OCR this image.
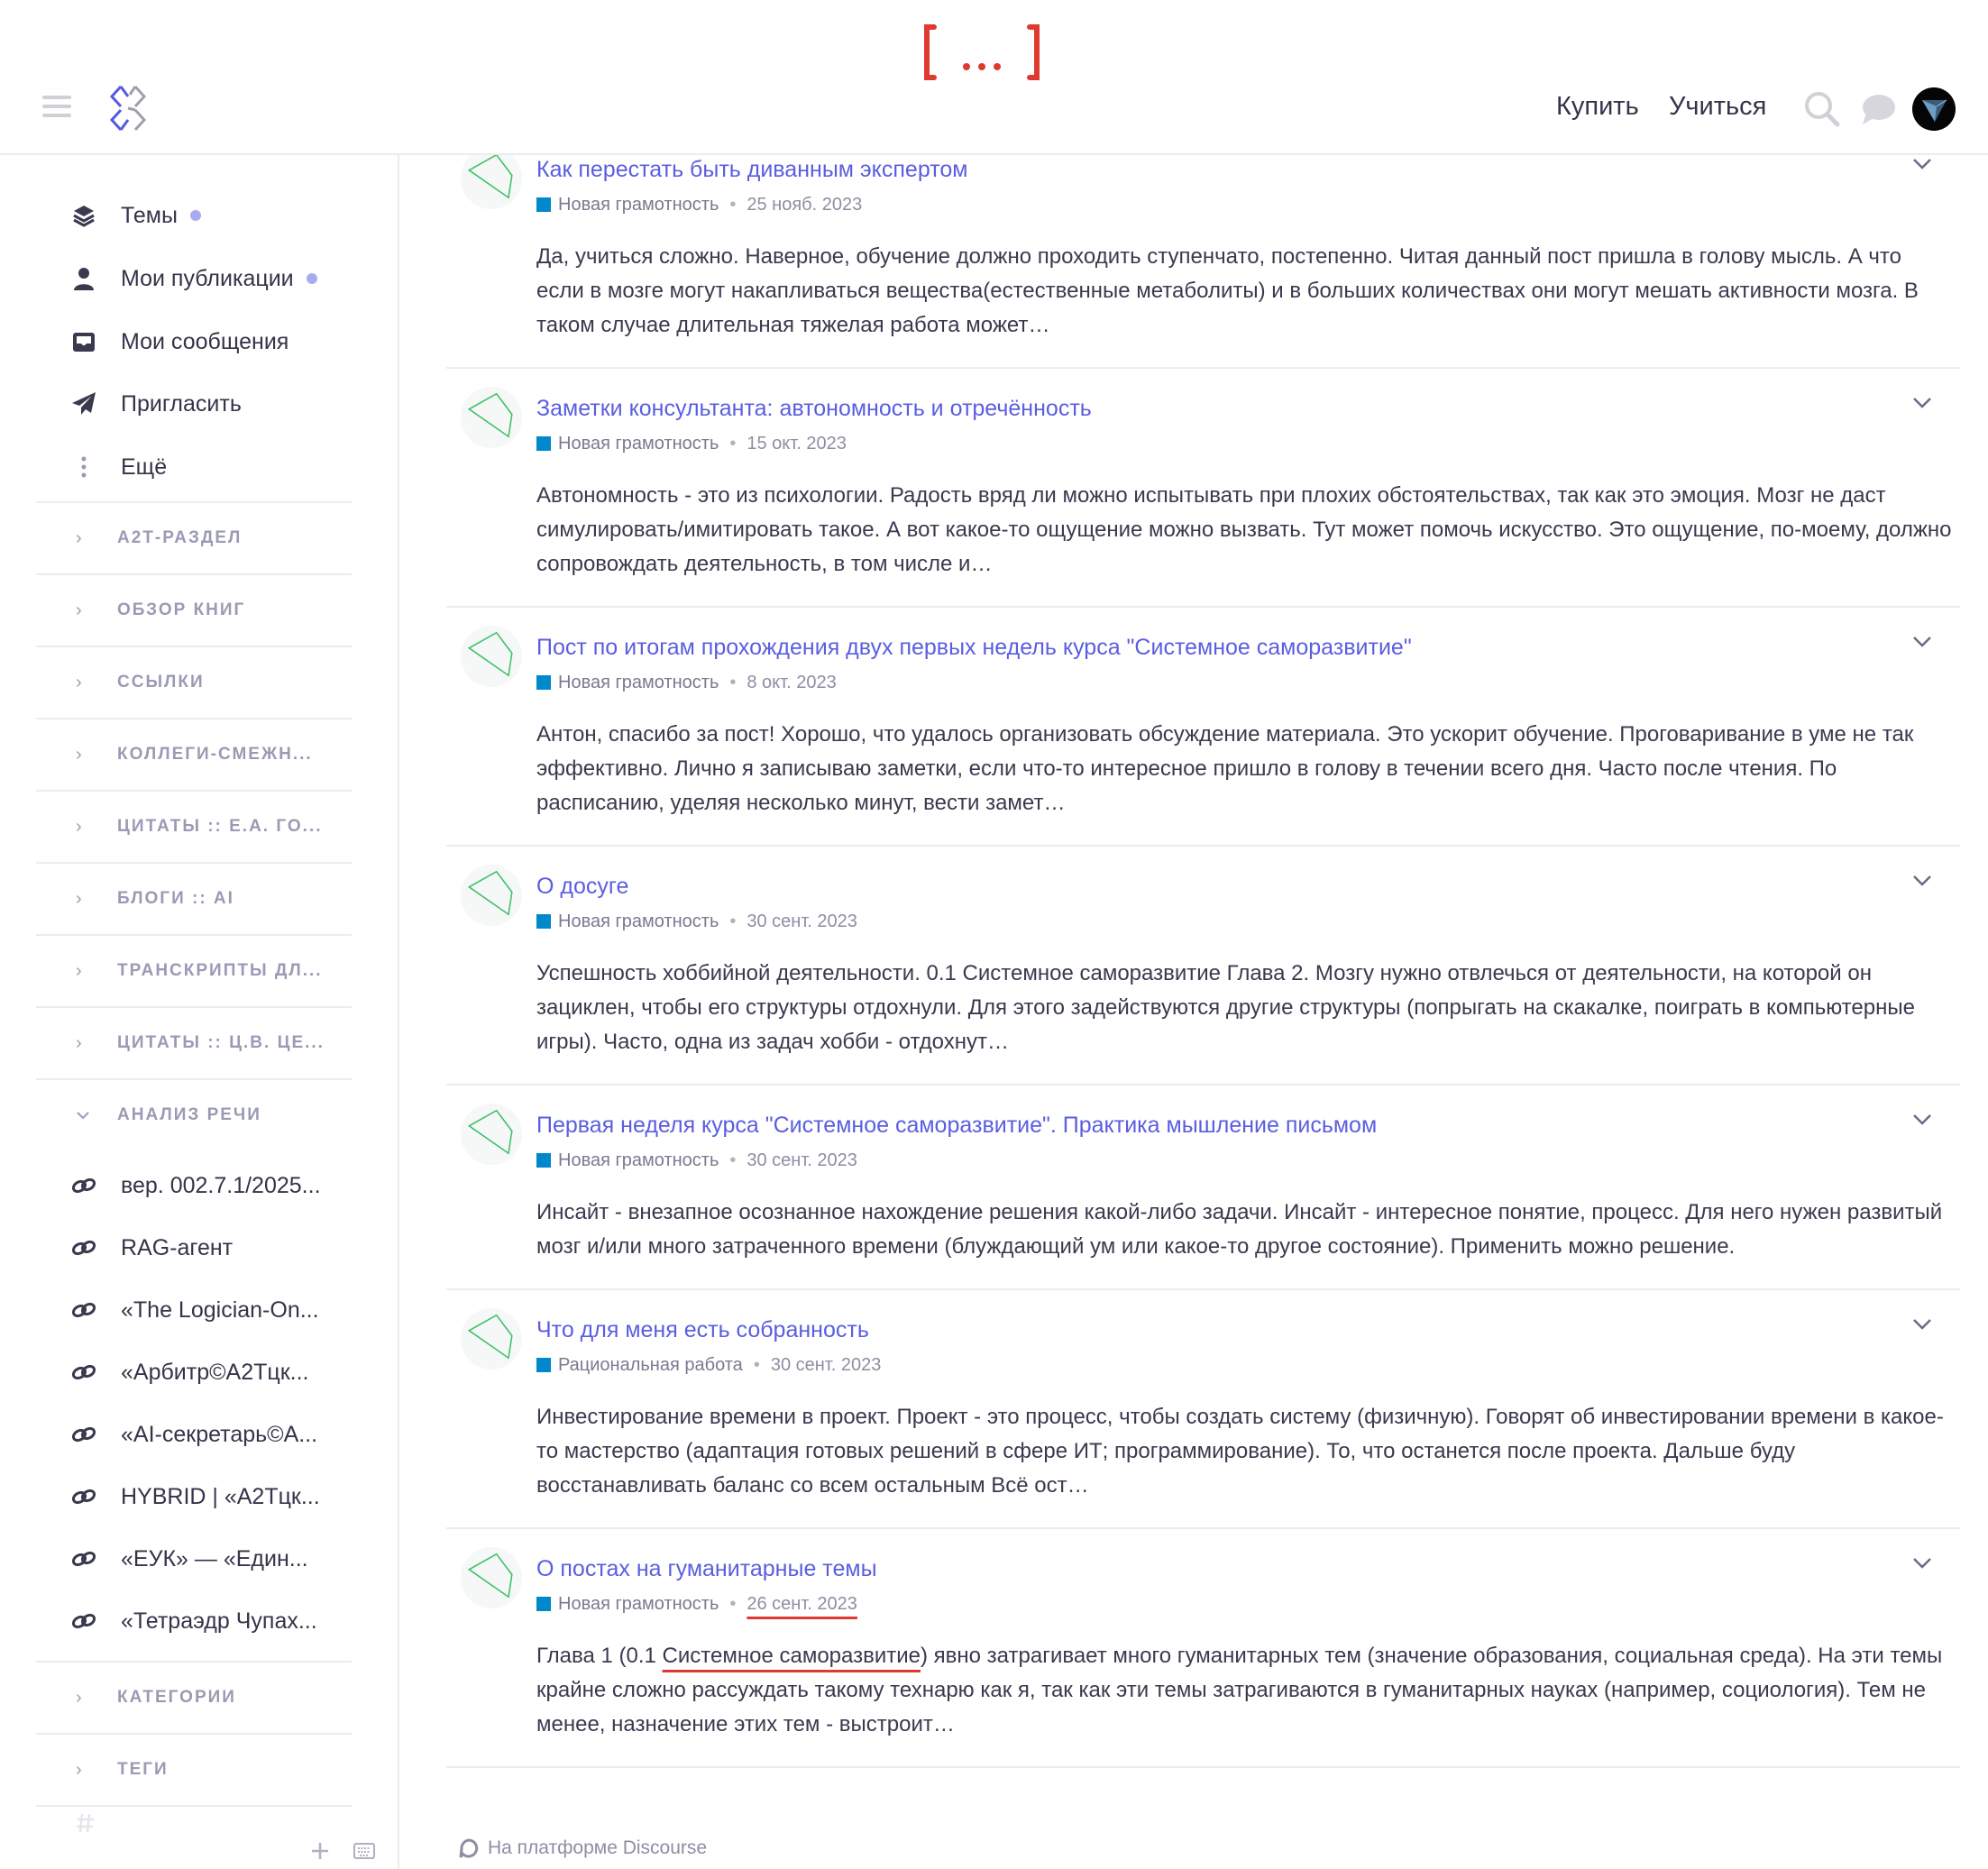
Купить Учиться
Темы
Мои публикации
Мои сообщения
Пригласить
Ещё
›	А2Т-РАЗДЕЛ
›	ОБЗОР КНИГ
›	ССЫЛКИ
›	КОЛЛЕГИ-СМЕЖН...
›	ЦИТАТЫ :: Е.А. ГО...
›	БЛОГИ :: AI
›	ТРАНСКРИПТЫ ДЛ...
›	ЦИТАТЫ :: Ц.В. ЦЕ...
АНАЛИЗ РЕЧИ
вер. 002.7.1/2025...
RAG-агент
«The Logician-On...
«Арбитр©А2Тцк...
«AI-секретарь©А...
HYBRID | «А2Тцк...
«ЕУК» — «Един...
«Тетраэдр Чупах...
›	КАТЕГОРИИ
›	ТЕГИ
Как перестать быть диванным экспертом
Новая грамотность • 25 нояб. 2023
Да, учиться сложно. Наверное, обучение должно проходить ступенчато, постепенно. Читая данный пост пришла в голову мысль. А что если в мозге могут накапливаться вещества(естественные метаболиты) и в больших количествах они могут мешать активности мозга. В таком случае длительная тяжелая работа может…
Заметки консультанта: автономность и отречённость
Новая грамотность • 15 окт. 2023
Автономность - это из психологии. Радость вряд ли можно испытывать при плохих обстоятельствах, так как это эмоция. Мозг не даст симулировать/имитировать такое. А вот какое-то ощущение можно вызвать. Тут может помочь искусство. Это ощущение, по-моему, должно сопровождать деятельность, в том числе и…
Пост по итогам прохождения двух первых недель курса "Системное саморазвитие"
Новая грамотность • 8 окт. 2023
Антон, спасибо за пост! Хорошо, что удалось организовать обсуждение материала. Это ускорит обучение. Проговаривание в уме не так эффективно. Лично я записываю заметки, если что-то интересное пришло в голову в течении всего дня. Часто после чтения. По расписанию, уделяя несколько минут, вести замет…
О досуге
Новая грамотность • 30 сент. 2023
Успешность хоббийной деятельности. 0.1 Системное саморазвитие Глава 2. Мозгу нужно отвлечься от деятельности, на которой он зациклен, чтобы его структуры отдохнули. Для этого задействуются другие структуры (попрыгать на скакалке, поиграть в компьютерные игры). Часто, одна из задач хобби - отдохнут…
Первая неделя курса "Системное саморазвитие". Практика мышление письмом
Новая грамотность • 30 сент. 2023
Инсайт - внезапное осознанное нахождение решения какой-либо задачи. Инсайт - интересное понятие, процесс. Для него нужен развитый мозг и/или много затраченного времени (блуждающий ум или какое-то другое состояние). Применить можно решение.
Что для меня есть собранность
Рациональная работа • 30 сент. 2023
Инвестирование времени в проект. Проект - это процесс, чтобы создать систему (физичную). Говорят об инвестировании времени в какое-то мастерство (адаптация готовых решений в сфере ИТ; программирование). То, что останется после проекта. Дальше буду восстанавливать баланс со всем остальным Всё ост…
О постах на гуманитарные темы
Новая грамотность • 26 сент. 2023
Глава 1 (0.1 Системное саморазвитие) явно затрагивает много гуманитарных тем (значение образования, социальная среда). На эти темы крайне сложно рассуждать такому технарю как я, так как эти темы затрагиваются в гуманитарных науках (например, социология). Тем не менее, назначение этих тем - выстроит…
На платформе Discourse
